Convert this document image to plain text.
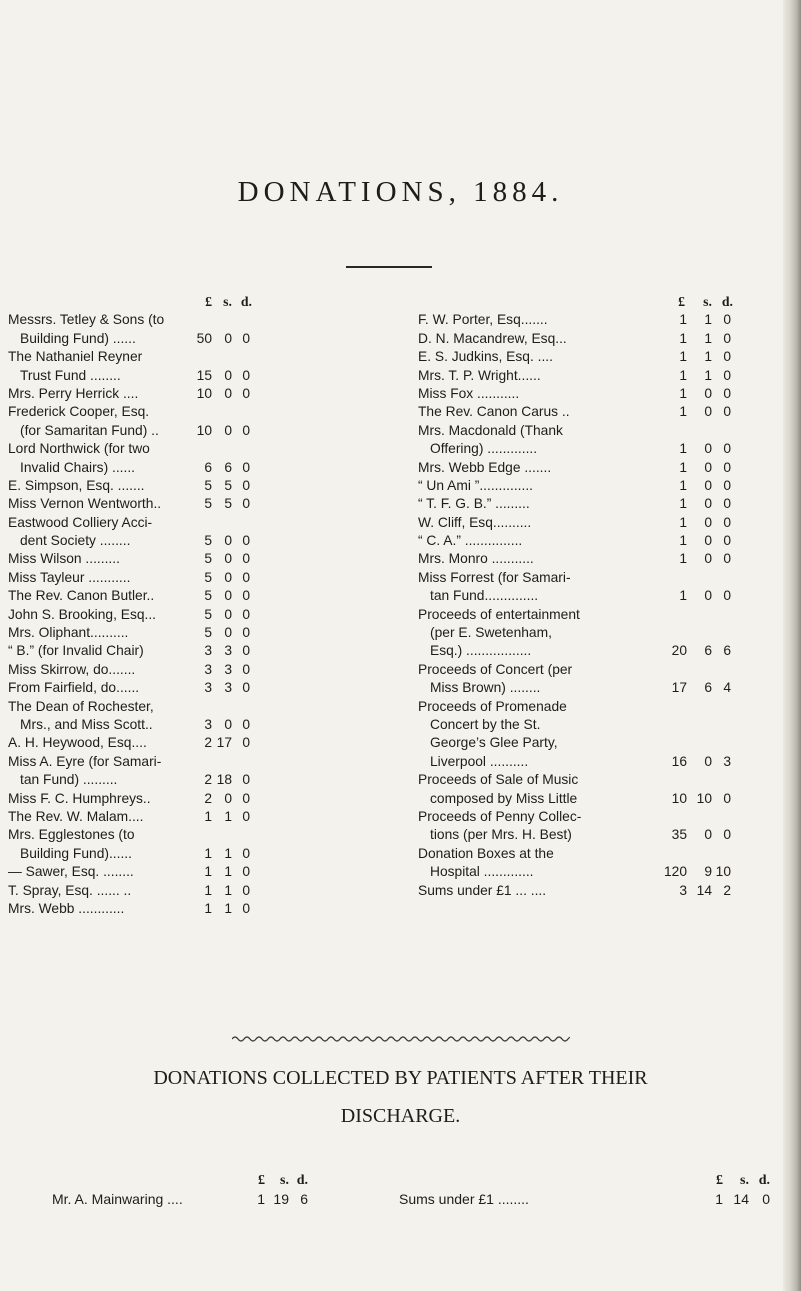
DONATIONS, 1884.
£ s. d.
Messrs. Tetley & Sons (to
Building Fund) ......	50 0 0
The Nathaniel Reyner
Trust Fund ........	15 0 0
Mrs. Perry Herrick ....	10 0 0
Frederick Cooper, Esq.
(for Samaritan Fund) ..	10 0 0
Lord Northwick (for two
Invalid Chairs) ......	6 6 0
E. Simpson, Esq. .......	5 5 0
Miss Vernon Wentworth..	5 5 0
Eastwood Colliery Acci-
dent Society ........	5 0 0
Miss Wilson .........	5 0 0
Miss Tayleur ...........	5 0 0
The Rev. Canon Butler..	5 0 0
John S. Brooking, Esq...	5 0 0
Mrs. Oliphant..........	5 0 0
“ B.” (for Invalid Chair)	3 3 0
Miss Skirrow, do.......	3 3 0
From Fairfield, do......	3 3 0
The Dean of Rochester,
Mrs., and Miss Scott..	3 0 0
A. H. Heywood, Esq....	2 17 0
Miss A. Eyre (for Samari-
tan Fund) .........	2 18 0
Miss F. C. Humphreys..	2 0 0
The Rev. W. Malam....	1 1 0
Mrs. Egglestones (to
Building Fund)......	1 1 0
— Sawer, Esq. ........	1 1 0
T. Spray, Esq. ...... ..	1 1 0
Mrs. Webb ............	1 1 0
£ s. d.
F. W. Porter, Esq.......	1 1 0
D. N. Macandrew, Esq...	1 1 0
E. S. Judkins, Esq. ....	1 1 0
Mrs. T. P. Wright......	1 1 0
Miss Fox ...........	1 0 0
The Rev. Canon Carus ..	1 0 0
Mrs. Macdonald (Thank
Offering) .............	1 0 0
Mrs. Webb Edge .......	1 0 0
“ Un Ami ”..............	1 0 0
“ T. F. G. B.” .........	1 0 0
W. Cliff, Esq..........	1 0 0
“ C. A.” ...............	1 0 0
Mrs. Monro ...........	1 0 0
Miss Forrest (for Samari-
tan Fund..............	1 0 0
Proceeds of entertainment
(per E. Swetenham,
Esq.) .................	20 6 6
Proceeds of Concert (per
Miss Brown) ........	17 6 4
Proceeds of Promenade
Concert by the St.
George’s Glee Party,
Liverpool ..........	16 0 3
Proceeds of Sale of Music
composed by Miss Little	10 10 0
Proceeds of Penny Collec-
tions (per Mrs. H. Best)	35 0 0
Donation Boxes at the
Hospital .............	120 9 10
Sums under £1 ... ....	3 14 2
DONATIONS COLLECTED BY PATIENTS AFTER THEIR
DISCHARGE.
£ s. d.
Mr. A. Mainwaring ....	1 19 6
£ s. d.
Sums under £1 ........	1 14 0
